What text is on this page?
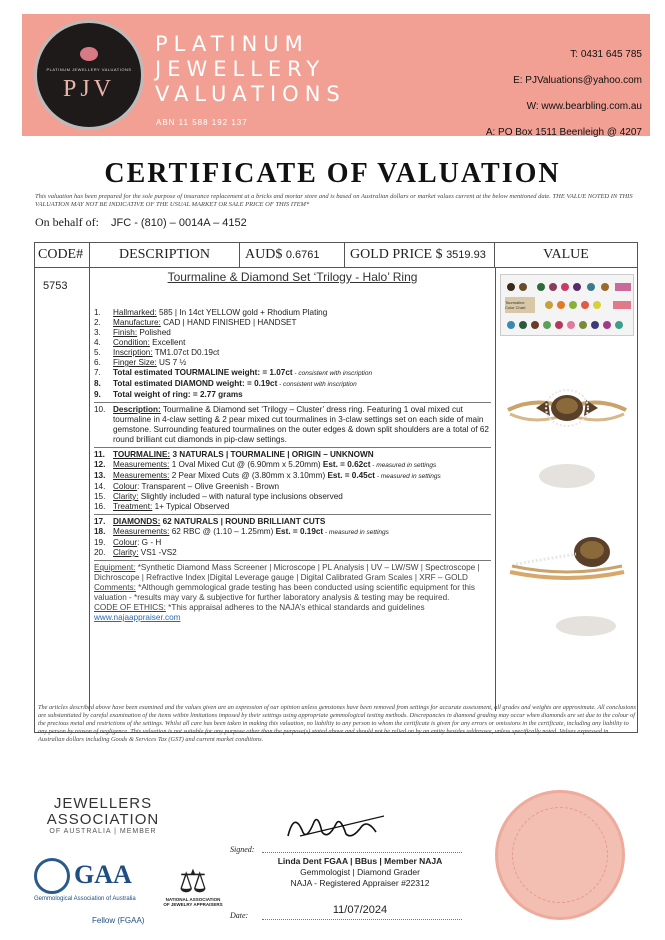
PLATINUM JEWELLERY VALUATIONS
PJV
PLATINUM
JEWELLERY
VALUATIONS
ABN 11 588 192 137
T: 0431 645 785
E: PJValuations@yahoo.com
W: www.bearbling.com.au
A: PO Box 1511 Beenleigh @ 4207
CERTIFICATE OF VALUATION
This valuation has been prepared for the sole purpose of insurance replacement at a bricks and mortar store and is based on Australian dollars or market values current at the below mentioned date. THE VALUE NOTED IN THIS VALUATION MAY NOT BE INDICATIVE OF THE USUAL MARKET OR SALE PRICE OF THIS ITEM*
On behalf of: JFC - (810) – 0014A – 4152
CODE#	DESCRIPTION	AUD$ 0.6761	GOLD PRICE $ 3519.93	VALUE
5753
Tourmaline & Diamond Set ‘Trilogy - Halo’ Ring
1.	Hallmarked: 585 | In 14ct YELLOW gold + Rhodium Plating
2.	Manufacture: CAD | HAND FINISHED | HANDSET
3.	Finish: Polished
4.	Condition: Excellent
5.	Inscription: TM1.07ct D0.19ct
6.	Finger Size: US 7 ½
7.	Total estimated TOURMALINE weight: = 1.07ct - consistent with inscription
8.	Total estimated DIAMOND weight: = 0.19ct - consistent with inscription
9.	Total weight of ring: = 2.77 grams
10. Description: Tourmaline & Diamond set ‘Trilogy – Cluster’ dress ring. Featuring 1 oval mixed cut tourmaline in 4-claw setting & 2 pear mixed cut tourmalines in 3-claw settings set on each side of main gemstone. Surrounding featured tourmalines on the outer edges & down split shoulders are a total of 62 round brilliant cut diamonds in pip-claw settings.
11. TOURMALINE: 3 NATURALS | TOURMALINE | ORIGIN – UNKNOWN
12. Measurements: 1 Oval Mixed Cut @ (6.90mm x 5.20mm) Est. = 0.62ct - measured in settings
13. Measurements: 2 Pear Mixed Cuts @ (3.80mm x 3.10mm) Est. = 0.45ct - measured in settings
14. Colour: Transparent – Olive Greenish - Brown
15. Clarity: Slightly included – with natural type inclusions observed
16. Treatment: 1+ Typical Observed
17. DIAMONDS: 62 NATURALS | ROUND BRILLIANT CUTS
18. Measurements: 62 RBC @ (1.10 – 1.25mm) Est. = 0.19ct - measured in settings
19. Colour: G - H
20. Clarity: VS1 -VS2
Equipment: *Synthetic Diamond Mass Screener | Microscope | PL Analysis | UV – LW/SW | Spectroscope | Dichroscope | Refractive Index |Digital Leverage gauge | Digital Calibrated Gram Scales | XRF – GOLD
Comments: *Although gemmological grade testing has been conducted using scientific equipment for this valuation - *results may vary & subjective for further laboratory analysis & testing may be required.
CODE OF ETHICS: *This appraisal adheres to the NAJA’s ethical standards and guidelines
www.najaappraiser.com
Tourmaline Color Chart
The articles described above have been examined and the values given are an expression of our opinion unless gemstones have been removed from settings for accurate assessment, all grades and weights are approximate. All conclusions are substantiated by careful examination of the items within limitations imposed by their settings using appropriate gemmological testing methods. Discrepancies in diamond grading may occur when diamonds are set due to the colour of the precious metal and restrictions of the settings. Whilst all care has been taken in making this valuation, no liability to any person to whom the certificate is given for any errors or omissions in the certificate, including any liability to any person by reason of negligence. This valuation is not suitable for any purpose other than the purpose(s) stated above and should not be relied on by an entity besides addressee, unless specifically noted. Values expressed in Australian dollars including Goods & Services Tax (GST) and current market conditions.
JEWELLERS
ASSOCIATION
OF AUSTRALIA | MEMBER
GAA
Gemmological Association of Australia
Fellow (FGAA)
⚖
NATIONAL ASSOCIATION OF JEWELRY APPRAISERS
Signed:
Linda Dent FGAA | BBus | Member NAJA
Gemmologist | Diamond Grader
NAJA - Registered Appraiser #22312
Date:	11/07/2024
